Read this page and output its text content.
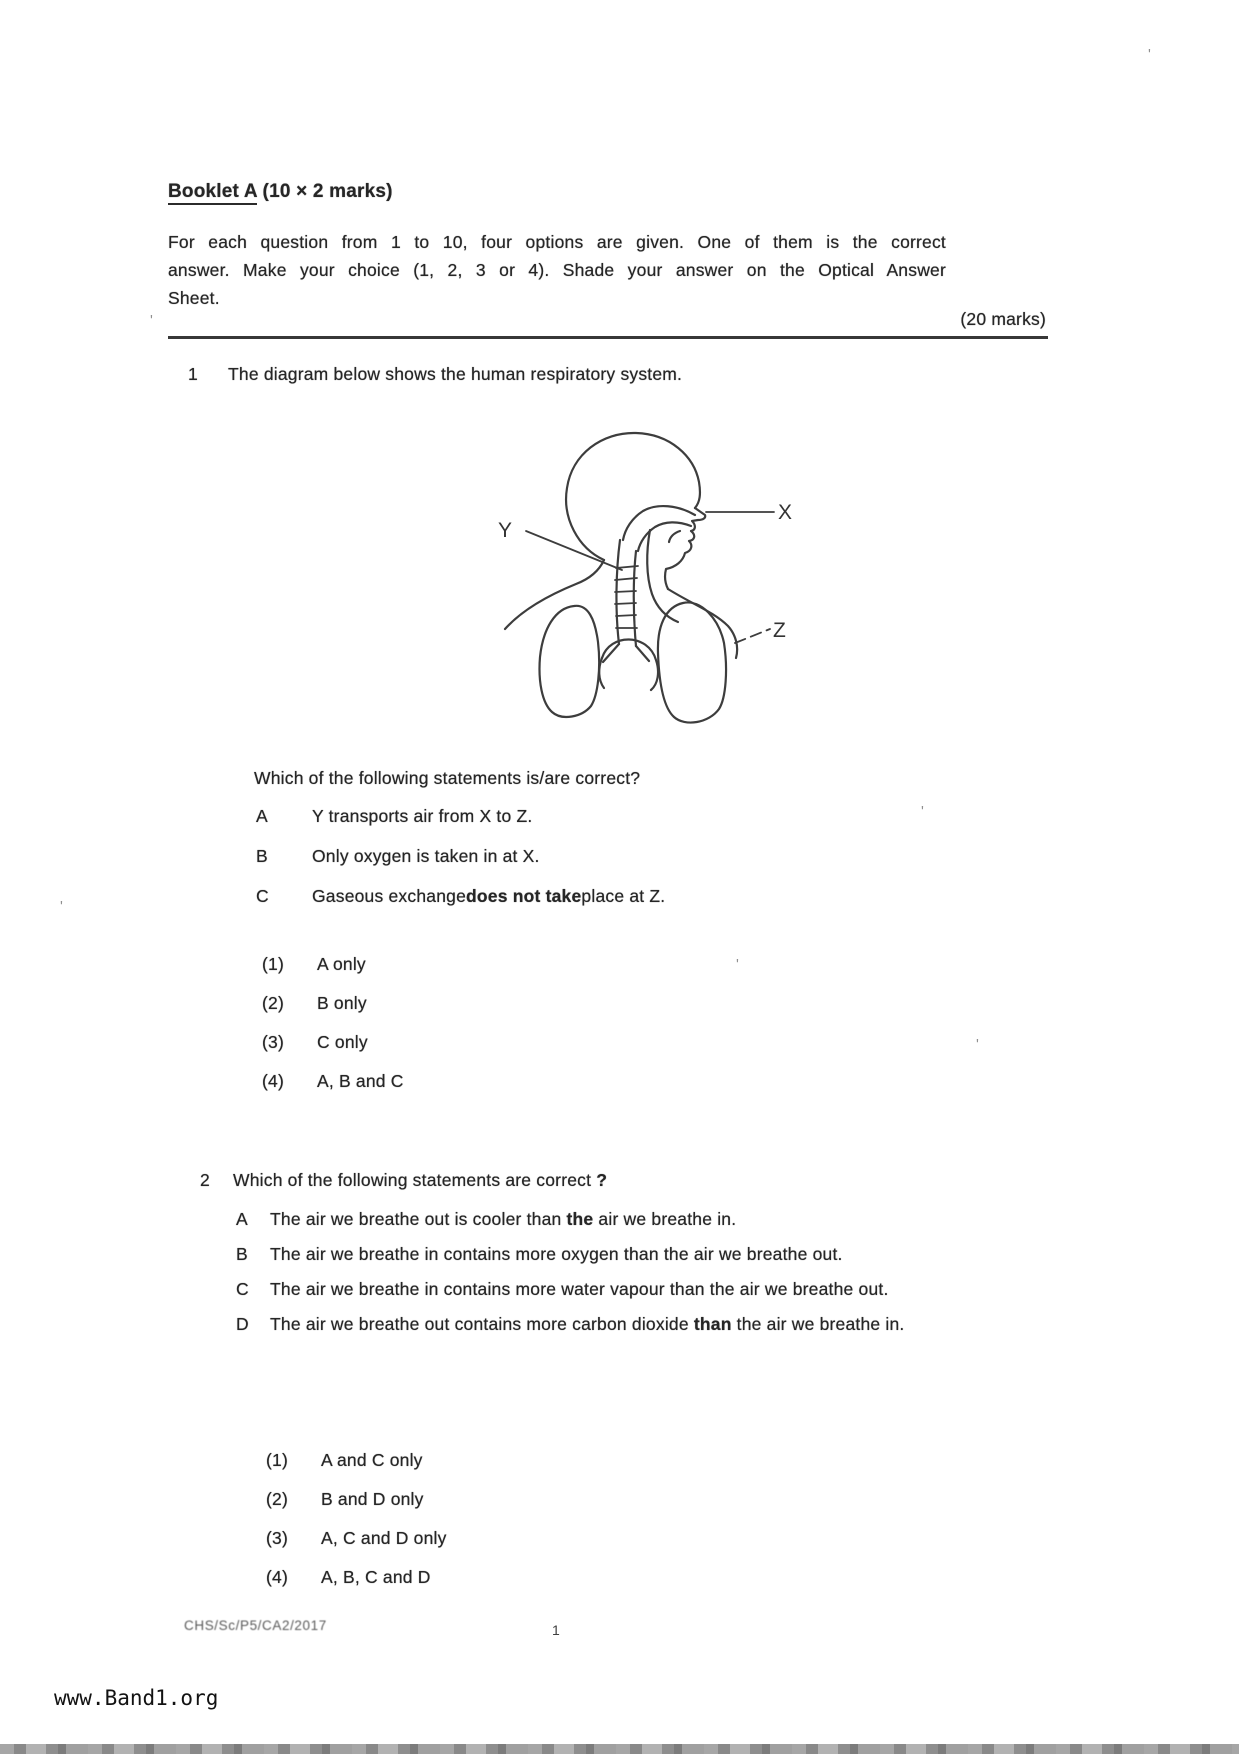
Booklet A (10 × 2 marks)
For each question from 1 to 10, four options are given. One of them is the correct
answer. Make your choice (1, 2, 3 or 4). Shade your answer on the Optical Answer
Sheet.
(20 marks)
1	The diagram below shows the human respiratory system.
X
Y
Z
Which of the following statements is/are correct?
A	Y transports air from X to Z.
B	Only oxygen is taken in at X.
C	Gaseous exchangedoes not takeplace at Z.
(1)	A only
(2)	B only
(3)	C only
(4)	A, B and C
2	Which of the following statements are correct ?
A	The air we breathe out is cooler than the air we breathe in.
B	The air we breathe in contains more oxygen than the air we breathe out.
C	The air we breathe in contains more water vapour than the air we breathe out.
D	The air we breathe out contains more carbon dioxide than the air we breathe in.
(1)	A and C only
(2)	B and D only
(3)	A, C and D only
(4)	A, B, C and D
CHS/Sc/P5/CA2/2017	1
www.Band1.org
'
'
'
'
'
'
